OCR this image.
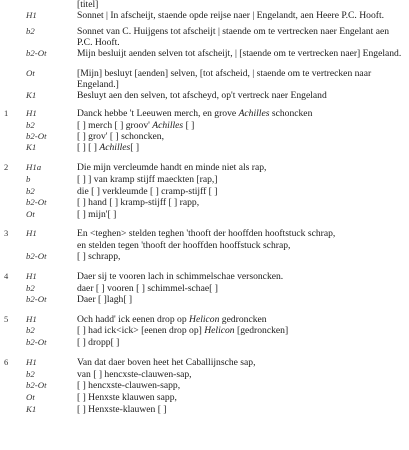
[titel]
H1	Sonnet | In afscheijt, staende opde reijse naer | Engelandt, aen Heere P.C. Hooft.
b2	Sonnet van C. Huijgens tot afscheijt | staende om te vertrecken naer Engelant aen P.C. Hooft.
b2-Ot	Mijn besluijt aenden selven tot afscheijt, | [staende om te vertrecken naer] Engeland.
Ot	[Mijn] besluyt [aenden] selven, [tot afscheid, | staende om te vertrecken naar Engeland.]
K1	Besluyt aen den selven, tot afscheyd, op't vertreck naer Engeland
1 H1	Danck hebbe 't Leeuwen merch, en grove Achilles schoncken
b2	[ ] merch [ ] groov' Achilles [ ]
b2-Ot	[ ] grov' [ ] schoncken,
K1	[ ] [ ] Achilles[ ]
2 H1a	Die mijn vercleumde handt en minde niet als rap,
b	[ ] ] van kramp stijff maeckten [rap,]
b2	die [ ] verkleumde [ ] cramp-stijff [ ]
b2-Ot	[ ] hand [ ] kramp-stijff [ ] rapp,
Ot	[ ] mijn'[ ]
3 H1	En <teghen> stelden teghen 'thooft der hooffden hooftstuck schrap,
en stelden tegen 'thooft der hooffden hooffstuck schrap,
b2-Ot	[ ] schrapp,
4 H1	Daer sij te vooren lach in schimmelschae versoncken.
b2	daer [ ] vooren [ ] schimmel-schae[ ]
b2-Ot	Daer [ ]lagh[ ]
5 H1	Och hadd' ick eenen drop op Helicon gedroncken
b2	[ ] had ick<ick> [eenen drop op] Helicon [gedroncken]
b2-Ot	[ ] dropp[ ]
6 H1	Van dat daer boven heet het Caballijnsche sap,
b2	van [ ] hencxste-clauwen-sap,
b2-Ot	[ ] hencxste-clauwen-sapp,
Ot	[ ] Henxste klauwen sapp,
K1	[ ] Henxste-klauwen [ ]
